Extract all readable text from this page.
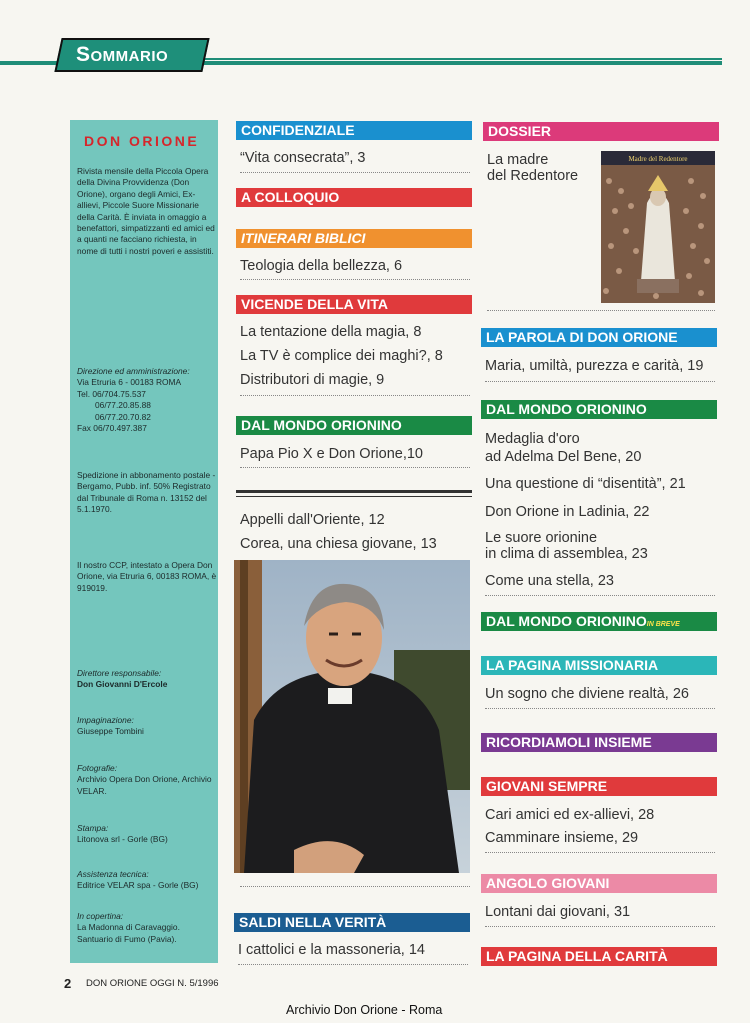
Sommario
DON ORIONE
Rivista mensile della Piccola Opera della Divina Provvidenza (Don Orione), organo degli Amici, Ex-allievi, Piccole Suore Missionarie della Carità. È inviata in omaggio a benefattori, simpatizzanti ed amici ed a quanti ne facciano richiesta, in nome di tutti i nostri poveri e assistiti.
Direzione ed amministrazione:
Via Etruria 6 - 00183 ROMA
Tel. 06/704.75.537
06/77.20.85.88
06/77.20.70.82
Fax 06/70.497.387
Spedizione in abbonamento postale - Bergamo, Pubb. inf. 50% Registrato dal Tribunale di Roma n. 13152 del 5.1.1970.
Il nostro CCP, intestato a Opera Don Orione, via Etruria 6, 00183 ROMA, è 919019.
Direttore responsabile:
Don Giovanni D'Ercole
Impaginazione:
Giuseppe Tombini
Fotografie:
Archivio Opera Don Orione, Archivio VELAR.
Stampa:
Litonova srl - Gorle (BG)
Assistenza tecnica:
Editrice VELAR spa - Gorle (BG)
In copertina:
La Madonna di Caravaggio. Santuario di Fumo (Pavia).
CONFIDENZIALE
“Vita consecrata”, 3
A COLLOQUIO
ITINERARI BIBLICI
Teologia della bellezza, 6
VICENDE DELLA VITA
La tentazione della magia, 8
La TV è complice dei maghi?, 8
Distributori di magie, 9
DAL MONDO ORIONINO
Papa Pio X e Don Orione,10
Appelli dall'Oriente, 12
Corea, una chiesa giovane, 13
SALDI NELLA VERITÀ
I cattolici e la massoneria, 14
DOSSIER
La madre
del Redentore
Madre del Redentore
LA PAROLA DI DON ORIONE
Maria, umiltà, purezza e carità, 19
DAL MONDO ORIONINO
Medaglia d'oro
ad Adelma Del Bene, 20
Una questione di “disentità”, 21
Don Orione in Ladinia, 22
Le suore orionine
in clima di assemblea, 23
Come una stella, 23
DAL MONDO ORIONINOIN BREVE
LA PAGINA MISSIONARIA
Un sogno che diviene realtà, 26
RICORDIAMOLI INSIEME
GIOVANI SEMPRE
Cari amici ed ex-allievi, 28
Camminare insieme, 29
ANGOLO GIOVANI
Lontani dai giovani, 31
LA PAGINA DELLA CARITÀ
2 DON ORIONE OGGI N. 5/1996
Archivio Don Orione - Roma
